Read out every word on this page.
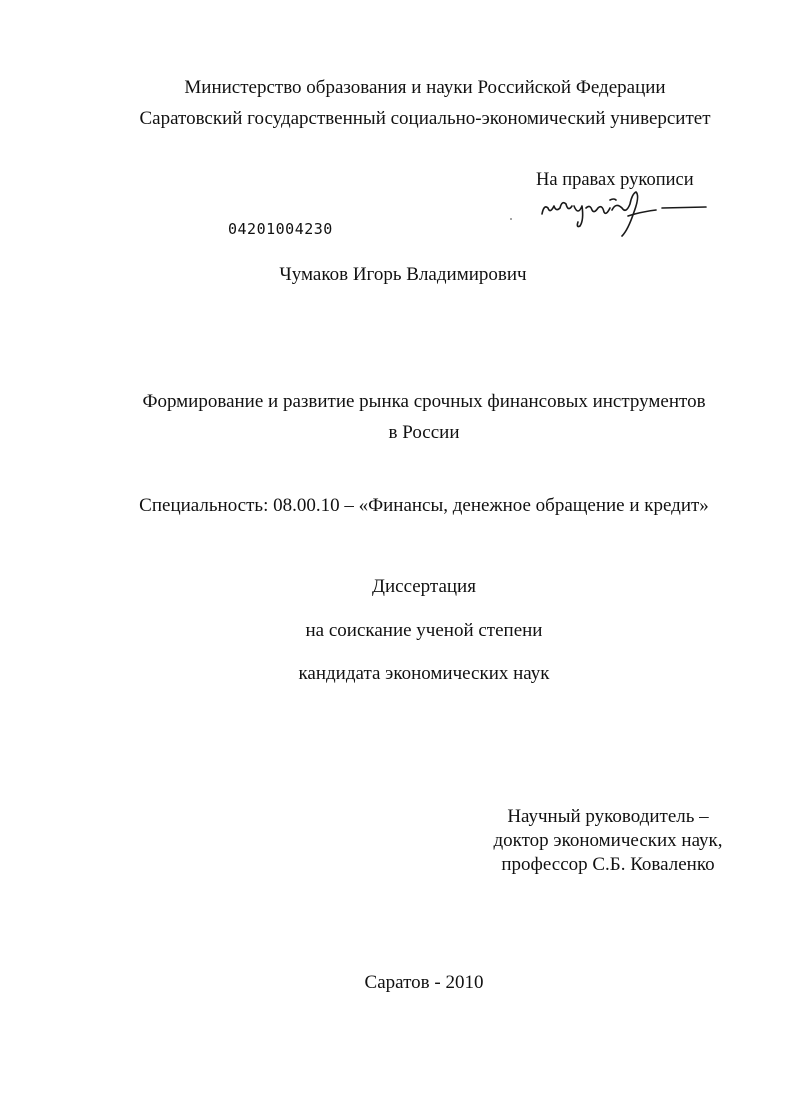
Министерство образования и науки Российской Федерации
Саратовский государственный социально-экономический университет
На правах рукописи
04201004230
Чумаков Игорь Владимирович
Формирование и развитие рынка срочных финансовых инструментов
в России
Специальность: 08.00.10 – «Финансы, денежное обращение и кредит»
Диссертация
на соискание ученой степени
кандидата экономических наук
Научный руководитель –
доктор экономических наук,
профессор С.Б. Коваленко
Саратов - 2010
